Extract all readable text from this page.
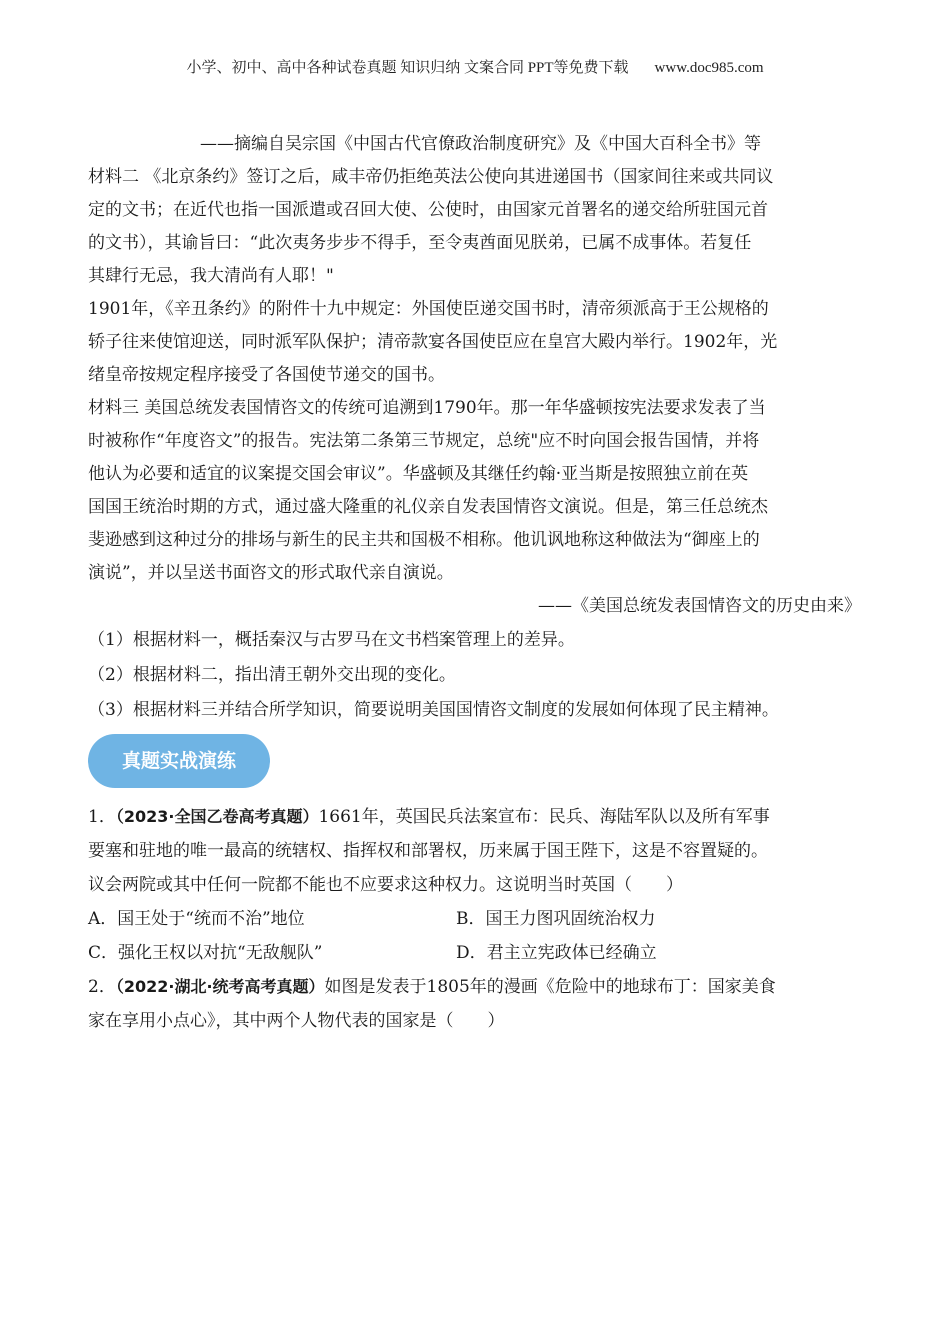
小学、初中、高中各种试卷真题 知识归纳 文案合同 PPT等免费下载 www.doc985.com
——摘编自吴宗国《中国古代官僚政治制度研究》及《中国大百科全书》等
材料二 《北京条约》签订之后，咸丰帝仍拒绝英法公使向其进递国书（国家间往来或共同议
定的文书；在近代也指一国派遣或召回大使、公使时，由国家元首署名的递交给所驻国元首
的文书），其谕旨曰：“此次夷务步步不得手，至令夷酋面见朕弟，已属不成事体。若复任
其肆行无忌，我大清尚有人耶！"
1901年，《辛丑条约》的附件十九中规定：外国使臣递交国书时，清帝须派高于王公规格的
轿子往来使馆迎送，同时派军队保护；清帝款宴各国使臣应在皇宫大殿内举行。1902年，光
绪皇帝按规定程序接受了各国使节递交的国书。
材料三 美国总统发表国情咨文的传统可追溯到1790年。那一年华盛顿按宪法要求发表了当
时被称作“年度咨文”的报告。宪法第二条第三节规定，总统"应不时向国会报告国情，并将
他认为必要和适宜的议案提交国会审议”。华盛顿及其继任约翰·亚当斯是按照独立前在英
国国王统治时期的方式，通过盛大隆重的礼仪亲自发表国情咨文演说。但是，第三任总统杰
斐逊感到这种过分的排场与新生的民主共和国极不相称。他讥讽地称这种做法为“御座上的
演说”，并以呈送书面咨文的形式取代亲自演说。
——《美国总统发表国情咨文的历史由来》
（1）根据材料一，概括秦汉与古罗马在文书档案管理上的差异。
（2）根据材料二，指出清王朝外交出现的变化。
（3）根据材料三并结合所学知识，简要说明美国国情咨文制度的发展如何体现了民主精神。
真题实战演练
1．（2023·全国乙卷高考真题）1661年，英国民兵法案宣布：民兵、海陆军队以及所有军事
要塞和驻地的唯一最高的统辖权、指挥权和部署权，历来属于国王陛下，这是不容置疑的。
议会两院或其中任何一院都不能也不应要求这种权力。这说明当时英国（　　）
A．国王处于“统而不治”地位	B．国王力图巩固统治权力
C．强化王权以对抗“无敌舰队”	D．君主立宪政体已经确立
2．（2022·湖北·统考高考真题）如图是发表于1805年的漫画《危险中的地球布丁：国家美食
家在享用小点心》，其中两个人物代表的国家是（　　）
